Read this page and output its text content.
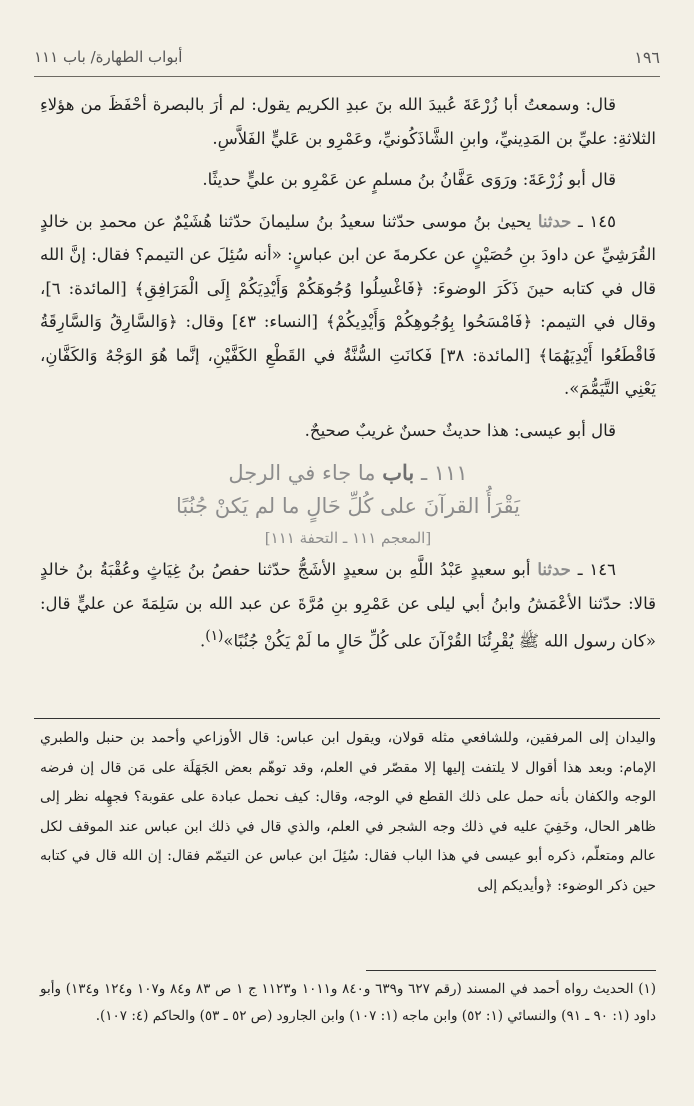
١٩٦
أبواب الطهارة/ باب ١١١

قال: وسمعتُ أبا زُرْعَةَ عُبيدَ الله بنَ عبدِ الكريم يقول: لم أرَ بالبصرة أحْفَظَ من هؤلاءِ الثلاثةِ: عليِّ بن المَدِينيِّ، وابنِ الشَّاذَكُونيِّ، وعَمْرِو بن عَليٍّ الفَلاَّسِ.

قال أبو زُرْعَةَ: ورَوَى عَفَّانُ بنُ مسلمٍ عن عَمْرِو بن عليٍّ حديثًا.

١٤٥ ـ حدثنا يحيىٰ بنُ موسى حدّثنا سعيدُ بنُ سليمانَ حدّثنا هُشَيْمٌ عن محمدِ بن خالدٍ القُرَشِيِّ عن داودَ بنِ حُصَيْنٍ عن عكرمةَ عن ابن عباسٍ: «أنه سُئِلَ عن التيمم؟ فقال: إنَّ الله قال في كتابه حينَ ذَكَرَ الوضوءَ: ﴿فَاغْسِلُوا وُجُوهَكُمْ وَأَيْدِيَكُمْ إِلَى الْمَرَافِقِ﴾ [المائدة: ٦]، وقال في التيمم: ﴿فَامْسَحُوا بِوُجُوهِكُمْ وَأَيْدِيكُمْ﴾ [النساء: ٤٣] وقال: ﴿وَالسَّارِقُ وَالسَّارِقَةُ فَاقْطَعُوا أَيْدِيَهُمَا﴾ [المائدة: ٣٨] فَكانَتِ السُّنَّةُ في القَطْعِ الكَفَّيْنِ، إنَّما هُوَ الوَجْهُ وَالكَفَّانِ، يَعْنِي التَّيَمُّمَ».

قال أبو عيسى: هذا حديثٌ حسنٌ غريبٌ صحيحٌ.

١١١ ـ باب ما جاء في الرجل
يَقْرَأُ القرآنَ على كُلِّ حَالٍ ما لم يَكنْ جُنُبًا
[المعجم ١١١ ـ التحفة ١١١]

١٤٦ ـ حدثنا أبو سعيدٍ عَبْدُ اللَّهِ بن سعيدٍ الأشَجُّ حدّثنا حفصُ بنُ غِيَاثٍ وعُقْبَةُ بنُ خالدٍ قالا: حدّثنا الأعْمَشُ وابنُ أبي ليلى عن عَمْرِو بنِ مُرَّةَ عن عبد الله بن سَلِمَةَ عن عليٍّ قال: «كان رسول الله ﷺ يُقْرِئُنَا القُرْآنَ على كُلِّ حَالٍ ما لَمْ يَكُنْ جُنُبًا»$^{(١)}$.

واليدان إلى المرفقين، وللشافعي مثله قولان، ويقول ابن عباس: قال الأوزاعي وأحمد بن حنبل والطبري الإمام: وبعد هذا أقوال لا يلتفت إليها إلا مقصّر في العلم، وقد توهّم بعض الجَهَلَة على مَن قال إن فرضه الوجه والكفان بأنه حمل على ذلك القطع في الوجه، وقال: كيف نحمل عبادة على عقوبة؟ فجهِله نظر إلى ظاهر الحال، وخَفِيَ عليه في ذلك وجه الشجر في العلم، والذي قال في ذلك ابن عباس عند الموقف لكل عالم ومتعلّم، ذكره أبو عيسى في هذا الباب فقال: سُئِلَ ابن عباس عن التيمّم فقال: إن الله قال في كتابه حين ذكر الوضوء: ﴿وأيديكم إلى

(١) الحديث رواه أحمد في المسند (رقم ٦٢٧ و٦٣٩ و٨٤٠ و١٠١١ و١١٢٣ ج ١ ص ٨٣ و٨٤ و١٠٧ و١٢٤ و١٣٤) وأبو داود (١: ٩٠ ـ ٩١) والنسائي (١: ٥٢) وابن ماجه (١: ١٠٧) وابن الجارود (ص ٥٢ ـ ٥٣) والحاكم (٤: ١٠٧).
